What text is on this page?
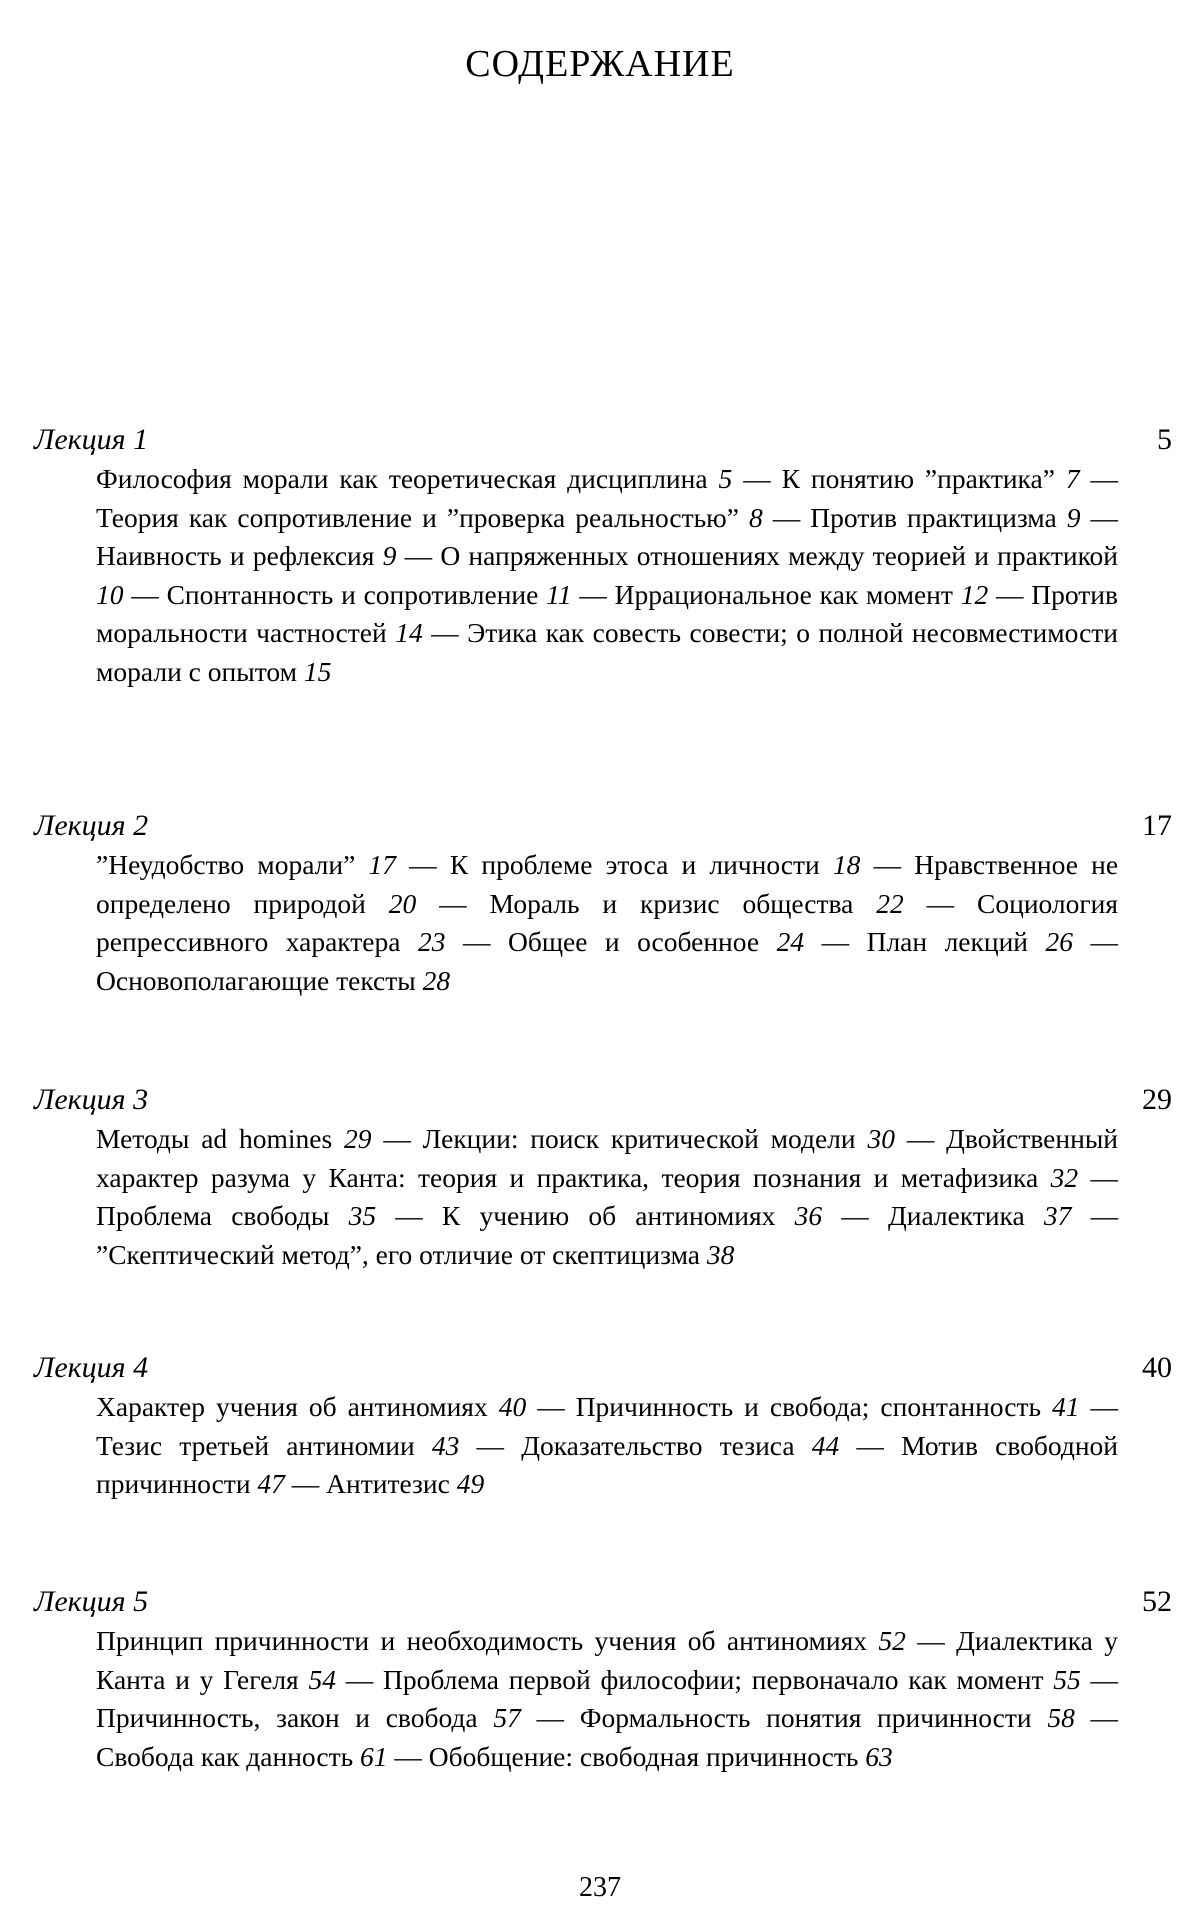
СОДЕРЖАНИЕ
Лекция 1	5
Философия морали как теоретическая дисциплина 5 — К понятию ”практика” 7 — Теория как сопротивление и ”проверка реальностью” 8 — Против практицизма 9 — Наивность и рефлексия 9 — О напряженных отношениях между теорией и практикой 10 — Спонтанность и сопротивление 11 — Иррациональное как момент 12 — Против моральности частностей 14 — Этика как совесть совести; о полной несовместимости морали с опытом 15
Лекция 2	17
”Неудобство морали” 17 — К проблеме этоса и личности 18 — Нравственное не определено природой 20 — Мораль и кризис общества 22 — Социология репрессивного характера 23 — Общее и особенное 24 — План лекций 26 — Основополагающие тексты 28
Лекция 3	29
Методы ad homines 29 — Лекции: поиск критической модели 30 — Двойственный характер разума у Канта: теория и практика, теория познания и метафизика 32 — Проблема свободы 35 — К учению об антиномиях 36 — Диалектика 37 — ”Скептический метод”, его отличие от скептицизма 38
Лекция 4	40
Характер учения об антиномиях 40 — Причинность и свобода; спонтанность 41 — Тезис третьей антиномии 43 — Доказательство тезиса 44 — Мотив свободной причинности 47 — Антитезис 49
Лекция 5	52
Принцип причинности и необходимость учения об антиномиях 52 — Диалектика у Канта и у Гегеля 54 — Проблема первой философии; первоначало как момент 55 — Причинность, закон и свобода 57 — Формальность понятия причинности 58 — Свобода как данность 61 — Обобщение: свободная причинность 63
237
